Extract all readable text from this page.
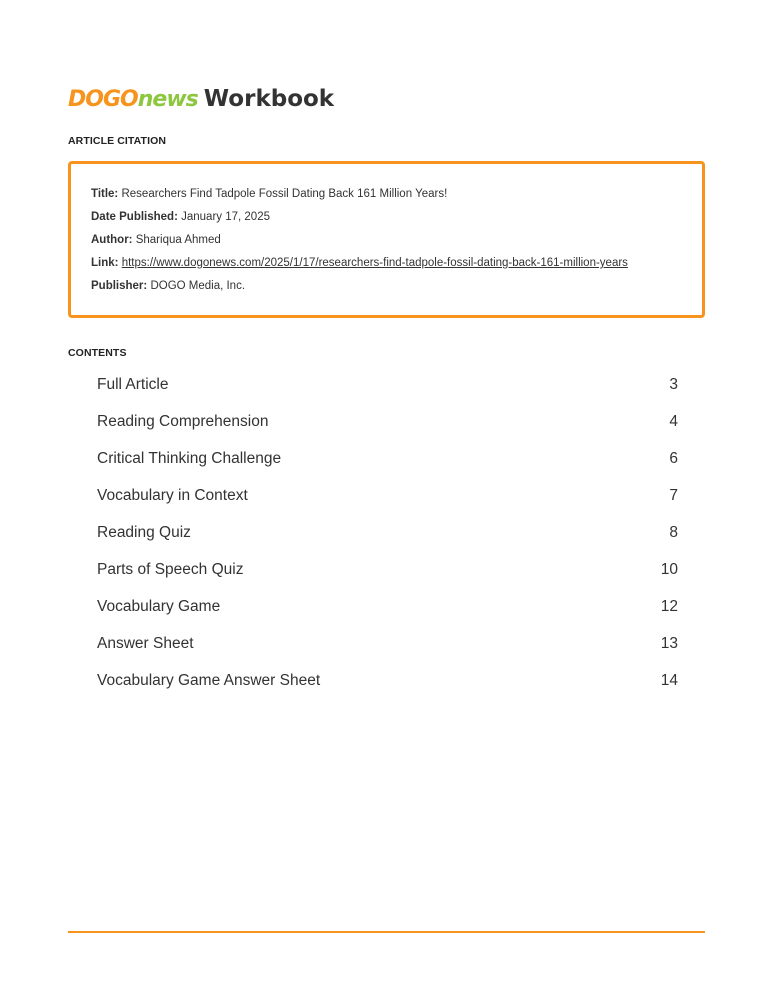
DOGO news Workbook
ARTICLE CITATION
Title: Researchers Find Tadpole Fossil Dating Back 161 Million Years!
Date Published: January 17, 2025
Author: Shariqua Ahmed
Link: https://www.dogonews.com/2025/1/17/researchers-find-tadpole-fossil-dating-back-161-million-years
Publisher: DOGO Media, Inc.
CONTENTS
Full Article	3
Reading Comprehension	4
Critical Thinking Challenge	6
Vocabulary in Context	7
Reading Quiz	8
Parts of Speech Quiz	10
Vocabulary Game	12
Answer Sheet	13
Vocabulary Game Answer Sheet	14
